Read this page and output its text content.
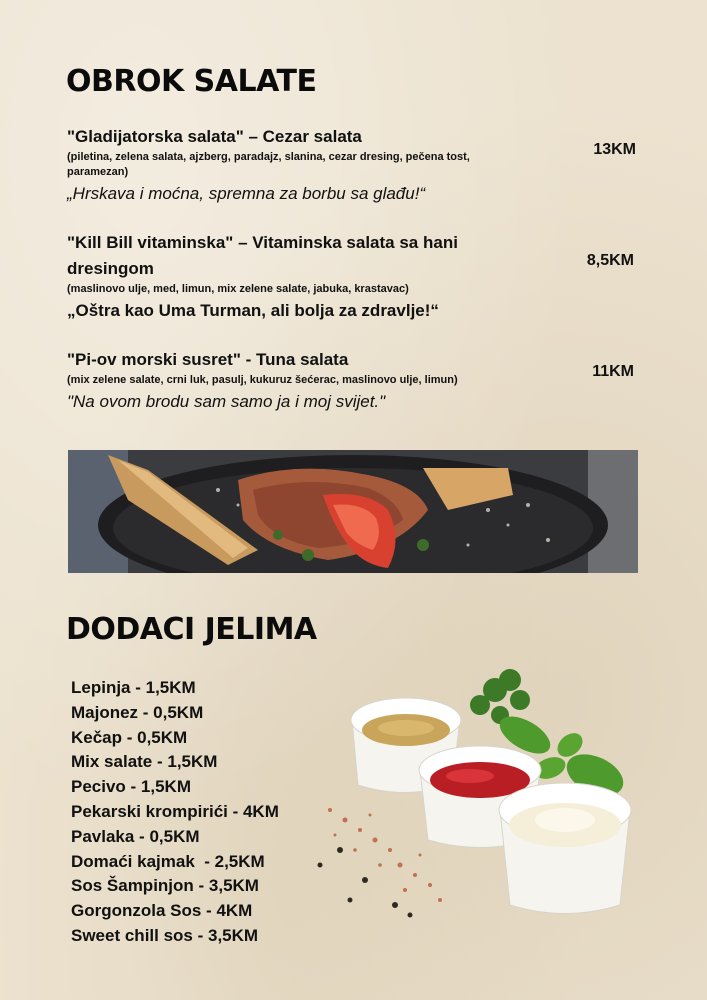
OBROK SALATE
"Gladijatorska salata" – Cezar salata
(piletina, zelena salata, ajzberg, paradajz, slanina, cezar dresing, pečena tost, paramezan)
„Hrskava i moćna, spremna za borbu sa glađu!“
13KM
"Kill Bill vitaminska" – Vitaminska salata sa hani dresingom
(maslinovo ulje, med, limun, mix zelene salate, jabuka, krastavac)
„Oštra kao Uma Turman, ali bolja za zdravlje!“
8,5KM
"Pi-ov morski susret" - Tuna salata
(mix zelene salate, crni luk, pasulj, kukuruz šećerac, maslinovo ulje, limun)
"Na ovom brodu sam samo ja i moj svijet."
11KM
DODACI JELIMA
Lepinja - 1,5KM
Majonez - 0,5KM
Kečap - 0,5KM
Mix salate - 1,5KM
Pecivo - 1,5KM
Pekarski krompirići - 4KM
Pavlaka - 0,5KM
Domaći kajmak  - 2,5KM
Sos Šampinjon - 3,5KM
Gorgonzola Sos - 4KM
Sweet chill sos - 3,5KM
